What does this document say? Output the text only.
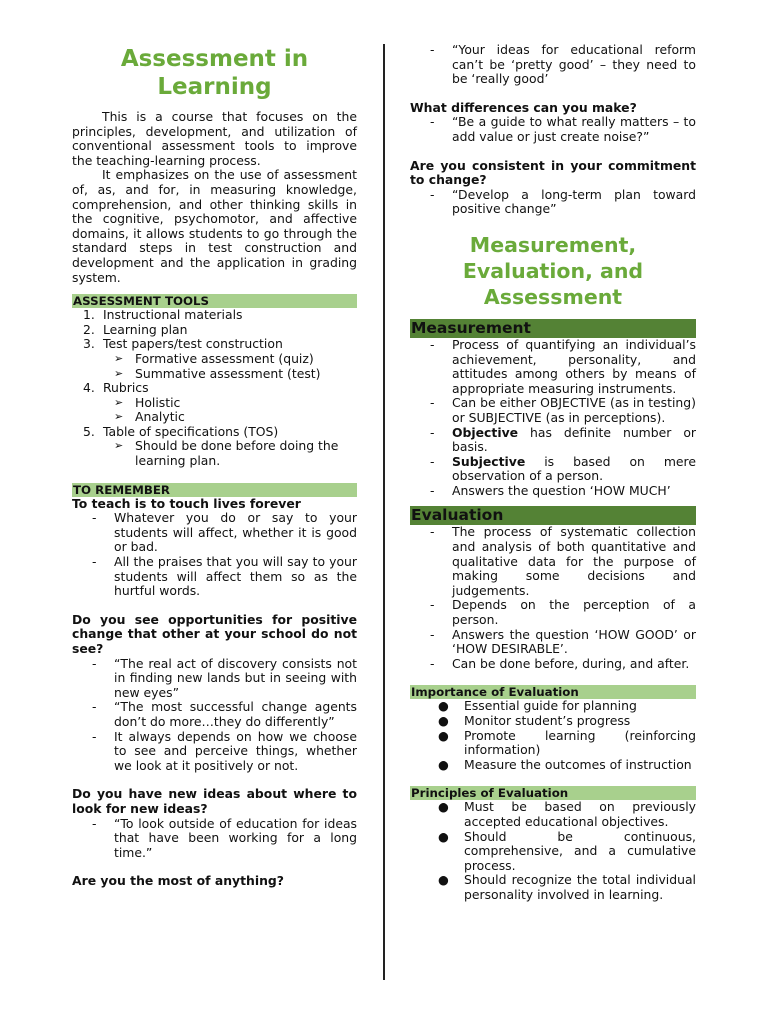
Assessment in Learning

This is a course that focuses on the principles, development, and utilization of conventional assessment tools to improve the teaching-learning process.

It emphasizes on the use of assessment of, as, and for, in measuring knowledge, comprehension, and other thinking skills in the cognitive, psychomotor, and affective domains, it allows students to go through the standard steps in test construction and development and the application in grading system.

ASSESSMENT TOOLS
1. Instructional materials
2. Learning plan
3. Test papers/test construction
➢ Formative assessment (quiz)
➢ Summative assessment (test)
4. Rubrics
➢ Holistic
➢ Analytic
5. Table of specifications (TOS)
➢ Should be done before doing the learning plan.
TO REMEMBER

To teach is to touch lives forever

- Whatever you do or say to your students will affect, whether it is good or bad.
- All the praises that you will say to your students will affect them so as the hurtful words.

Do you see opportunities for positive change that other at your school do not see?

- “The real act of discovery consists not in finding new lands but in seeing with new eyes”
- “The most successful change agents don’t do more…they do differently”
- It always depends on how we choose to see and perceive things, whether we look at it positively or not.

Do you have new ideas about where to look for new ideas?

- “To look outside of education for ideas that have been working for a long time.”

Are you the most of anything?

- “Your ideas for educational reform can’t be ‘pretty good’ – they need to be ‘really good’

What differences can you make?

- “Be a guide to what really matters – to add value or just create noise?”

Are you consistent in your commitment to change?

- “Develop a long-term plan toward positive change”
Measurement, Evaluation, and Assessment
Measurement
- Process of quantifying an individual’s achievement, personality, and attitudes among others by means of appropriate measuring instruments.
- Can be either OBJECTIVE (as in testing) or SUBJECTIVE (as in perceptions).
- Objective has definite number or basis.
- Subjective is based on mere observation of a person.
- Answers the question ‘HOW MUCH’
Evaluation
- The process of systematic collection and analysis of both quantitative and qualitative data for the purpose of making some decisions and judgements.
- Depends on the perception of a person.
- Answers the question ‘HOW GOOD’ or ‘HOW DESIRABLE’.
- Can be done before, during, and after.
Importance of Evaluation
● Essential guide for planning
● Monitor student’s progress
● Promote learning (reinforcing information)
● Measure the outcomes of instruction
Principles of Evaluation
● Must be based on previously accepted educational objectives.
● Should be continuous, comprehensive, and a cumulative process.
● Should recognize the total individual personality involved in learning.
